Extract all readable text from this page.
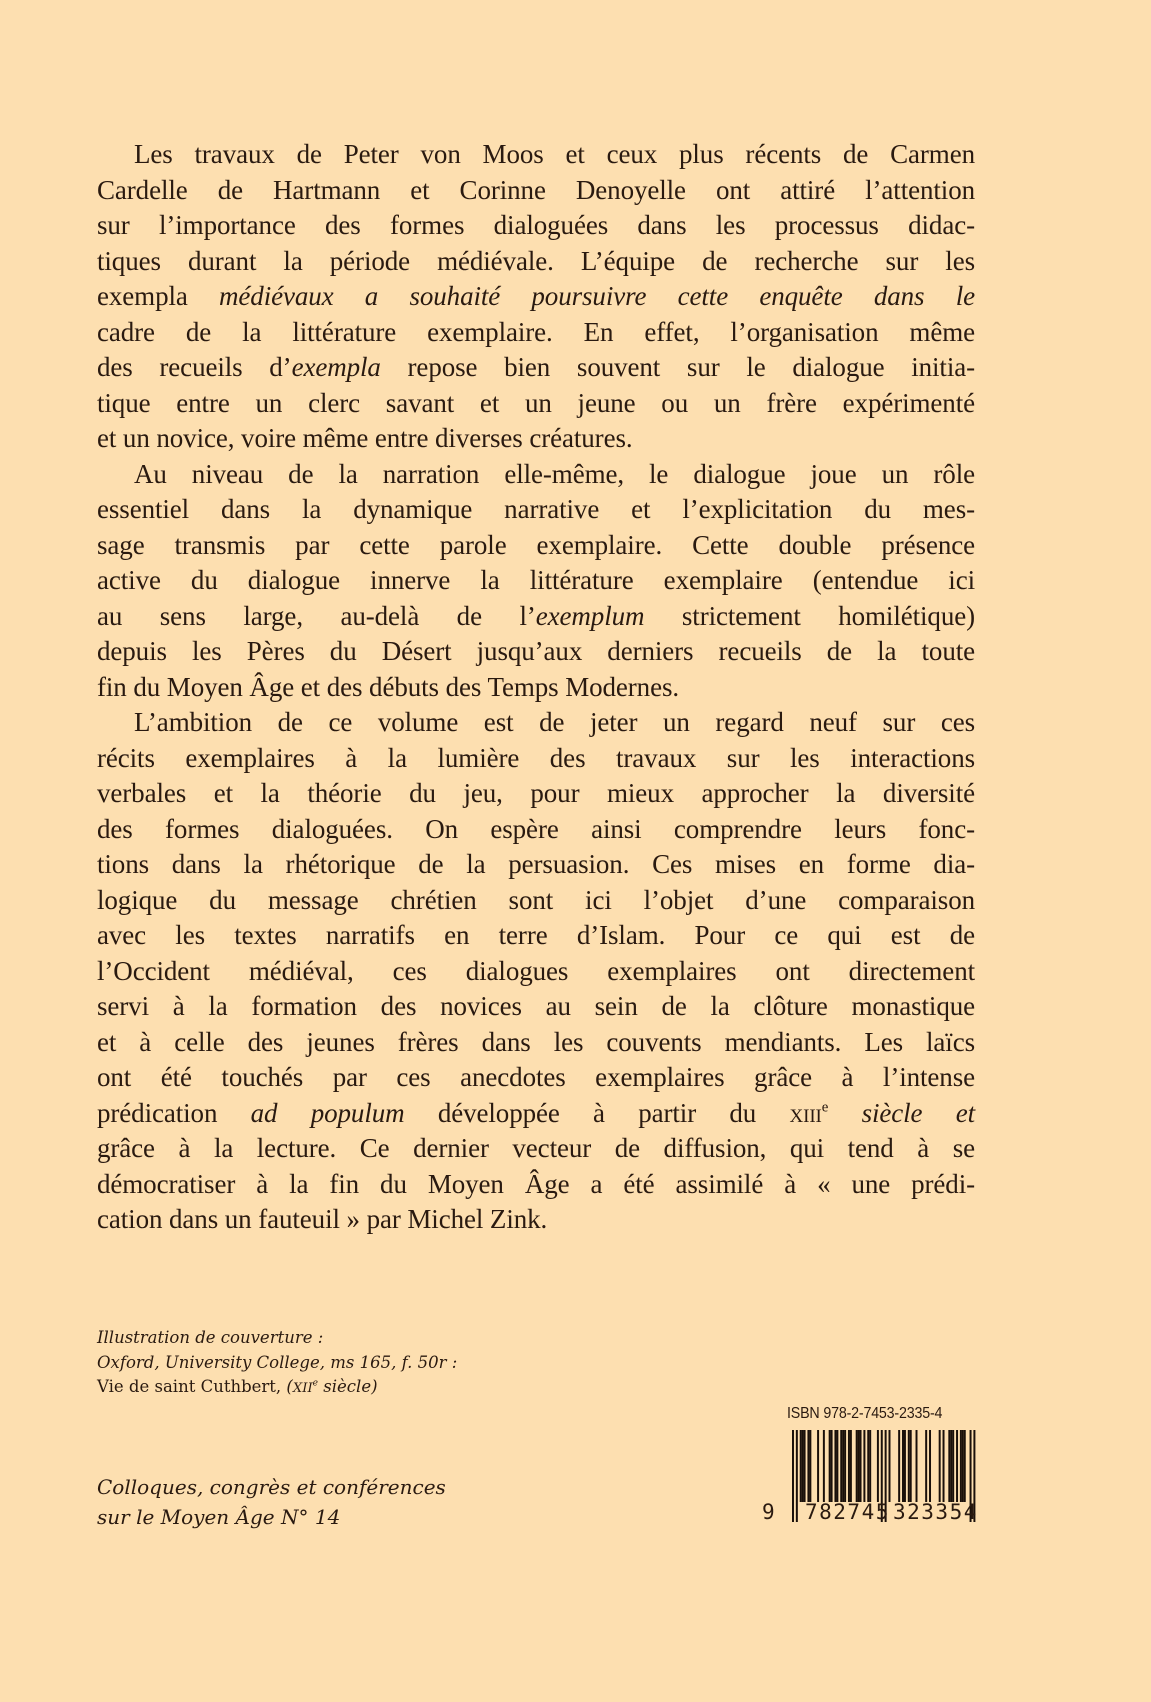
Les travaux de Peter von Moos et ceux plus récents de Carmen
Cardelle de Hartmann et Corinne Denoyelle ont attiré l’attention
sur l’importance des formes dialoguées dans les processus didac-
tiques durant la période médiévale. L’équipe de recherche sur les
exempla médiévaux a souhaité poursuivre cette enquête dans le
cadre de la littérature exemplaire. En effet, l’organisation même
des recueils d’exempla repose bien souvent sur le dialogue initia-
tique entre un clerc savant et un jeune ou un frère expérimenté
et un novice, voire même entre diverses créatures.
Au niveau de la narration elle-même, le dialogue joue un rôle
essentiel dans la dynamique narrative et l’explicitation du mes-
sage transmis par cette parole exemplaire. Cette double présence
active du dialogue innerve la littérature exemplaire (entendue ici
au sens large, au-delà de l’exemplum strictement homilétique)
depuis les Pères du Désert jusqu’aux derniers recueils de la toute
fin du Moyen Âge et des débuts des Temps Modernes.
L’ambition de ce volume est de jeter un regard neuf sur ces
récits exemplaires à la lumière des travaux sur les interactions
verbales et la théorie du jeu, pour mieux approcher la diversité
des formes dialoguées. On espère ainsi comprendre leurs fonc-
tions dans la rhétorique de la persuasion. Ces mises en forme dia-
logique du message chrétien sont ici l’objet d’une comparaison
avec les textes narratifs en terre d’Islam. Pour ce qui est de
l’Occident médiéval, ces dialogues exemplaires ont directement
servi à la formation des novices au sein de la clôture monastique
et à celle des jeunes frères dans les couvents mendiants. Les laïcs
ont été touchés par ces anecdotes exemplaires grâce à l’intense
prédication ad populum développée à partir du xiii$^e$ siècle et
grâce à la lecture. Ce dernier vecteur de diffusion, qui tend à se
démocratiser à la fin du Moyen Âge a été assimilé à « une prédi-
cation dans un fauteuil » par Michel Zink.
Illustration de couverture :
Oxford, University College, ms 165, f. 50r :
Vie de saint Cuthbert, (XIIe siècle)
Colloques, congrès et conférences
sur le Moyen Âge N° 14
ISBN 978-2-7453-2335-4
9 782745 323354
